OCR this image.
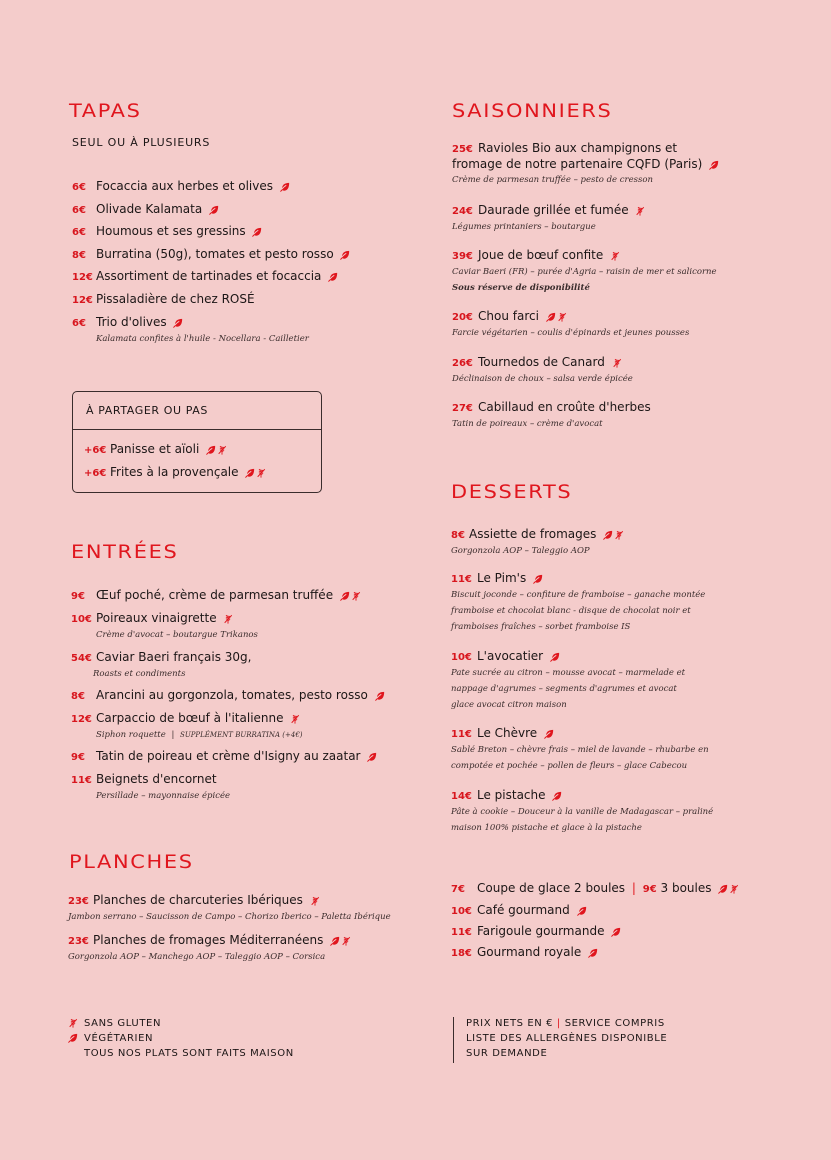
TAPAS
SEUL OU À PLUSIEURS
6€ Focaccia aux herbes et olives
6€ Olivade Kalamata
6€ Houmous et ses gressins
8€ Burratina (50g), tomates et pesto rosso
12€ Assortiment de tartinades et focaccia
12€ Pissaladière de chez ROSÉ
6€ Trio d'olives
Kalamata confites à l'huile - Nocellara - Cailletier
À PARTAGER OU PAS
+6€ Panisse et aïoli
+6€ Frites à la provençale
ENTRÉES
9€ Œuf poché, crème de parmesan truffée
10€ Poireaux vinaigrette
Crème d'avocat – boutargue Trikanos
54€ Caviar Baeri français 30g,
Roasts et condiments
8€ Arancini au gorgonzola, tomates, pesto rosso
12€ Carpaccio de bœuf à l'italienne
Siphon roquette | SUPPLÉMENT BURRATINA (+4€)
9€ Tatin de poireau et crème d'Isigny au zaatar
11€ Beignets d'encornet
Persillade – mayonnaise épicée
PLANCHES
23€ Planches de charcuteries Ibériques
Jambon serrano – Saucisson de Campo – Chorizo Iberico – Paletta Ibérique
23€ Planches de fromages Méditerranéens
Gorgonzola AOP – Manchego AOP – Taleggio AOP – Corsica
SAISONNIERS
25€ Ravioles Bio aux champignons et
fromage de notre partenaire CQFD (Paris)
Crème de parmesan truffée – pesto de cresson
24€ Daurade grillée et fumée
Légumes printaniers – boutargue
39€ Joue de bœuf confite
Caviar Baeri (FR) – purée d'Agria – raisin de mer et salicorne
Sous réserve de disponibilité
20€ Chou farci
Farcie végétarien – coulis d'épinards et jeunes pousses
26€ Tournedos de Canard
Déclinaison de choux – salsa verde épicée
27€ Cabillaud en croûte d'herbes
Tatin de poireaux – crème d'avocat
DESSERTS
8€ Assiette de fromages
Gorgonzola AOP – Taleggio AOP
11€ Le Pim's
Biscuit joconde – confiture de framboise – ganache montée
framboise et chocolat blanc - disque de chocolat noir et
framboises fraîches – sorbet framboise IS
10€ L'avocatier
Pate sucrée au citron – mousse avocat – marmelade et
nappage d'agrumes – segments d'agrumes et avocat
glace avocat citron maison
11€ Le Chèvre
Sablé Breton – chèvre frais – miel de lavande – rhubarbe en
compotée et pochée – pollen de fleurs – glace Cabecou
14€ Le pistache
Pâte à cookie – Douceur à la vanille de Madagascar – praliné
maison 100% pistache et glace à la pistache
7€ Coupe de glace 2 boules | 9€ 3 boules
10€ Café gourmand
11€ Farigoule gourmande
18€ Gourmand royale
SANS GLUTEN
VÉGÉTARIEN
TOUS NOS PLATS SONT FAITS MAISON
PRIX NETS EN € | SERVICE COMPRIS
LISTE DES ALLERGÈNES DISPONIBLE
SUR DEMANDE
